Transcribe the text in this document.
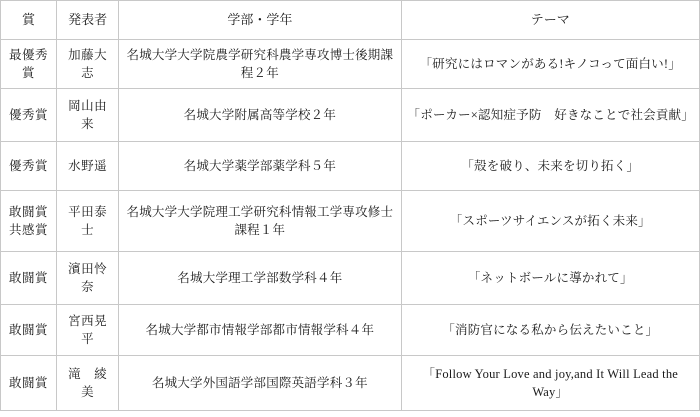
賞	発表者	学部・学年	テーマ
最優秀賞	加藤大志	名城大学大学院農学研究科農学専攻博士後期課程２年	「研究にはロマンがある!キノコって面白い!」
優秀賞	岡山由来	名城大学附属高等学校２年	「ポーカー×認知症予防　好きなことで社会貢献」
優秀賞	水野遥	名城大学薬学部薬学科５年	「殻を破り、未来を切り拓く」
敢闘賞共感賞	平田泰士	名城大学大学院理工学研究科情報工学専攻修士課程１年	「スポーツサイエンスが拓く未来」
敢闘賞	濱田怜奈	名城大学理工学部数学科４年	「ネットボールに導かれて」
敢闘賞	宮西晃平	名城大学都市情報学部都市情報学科４年	「消防官になる私から伝えたいこと」
敢闘賞	滝　綾美	名城大学外国語学部国際英語学科３年	「Follow Your Love and joy,and It Will Lead the Way」
